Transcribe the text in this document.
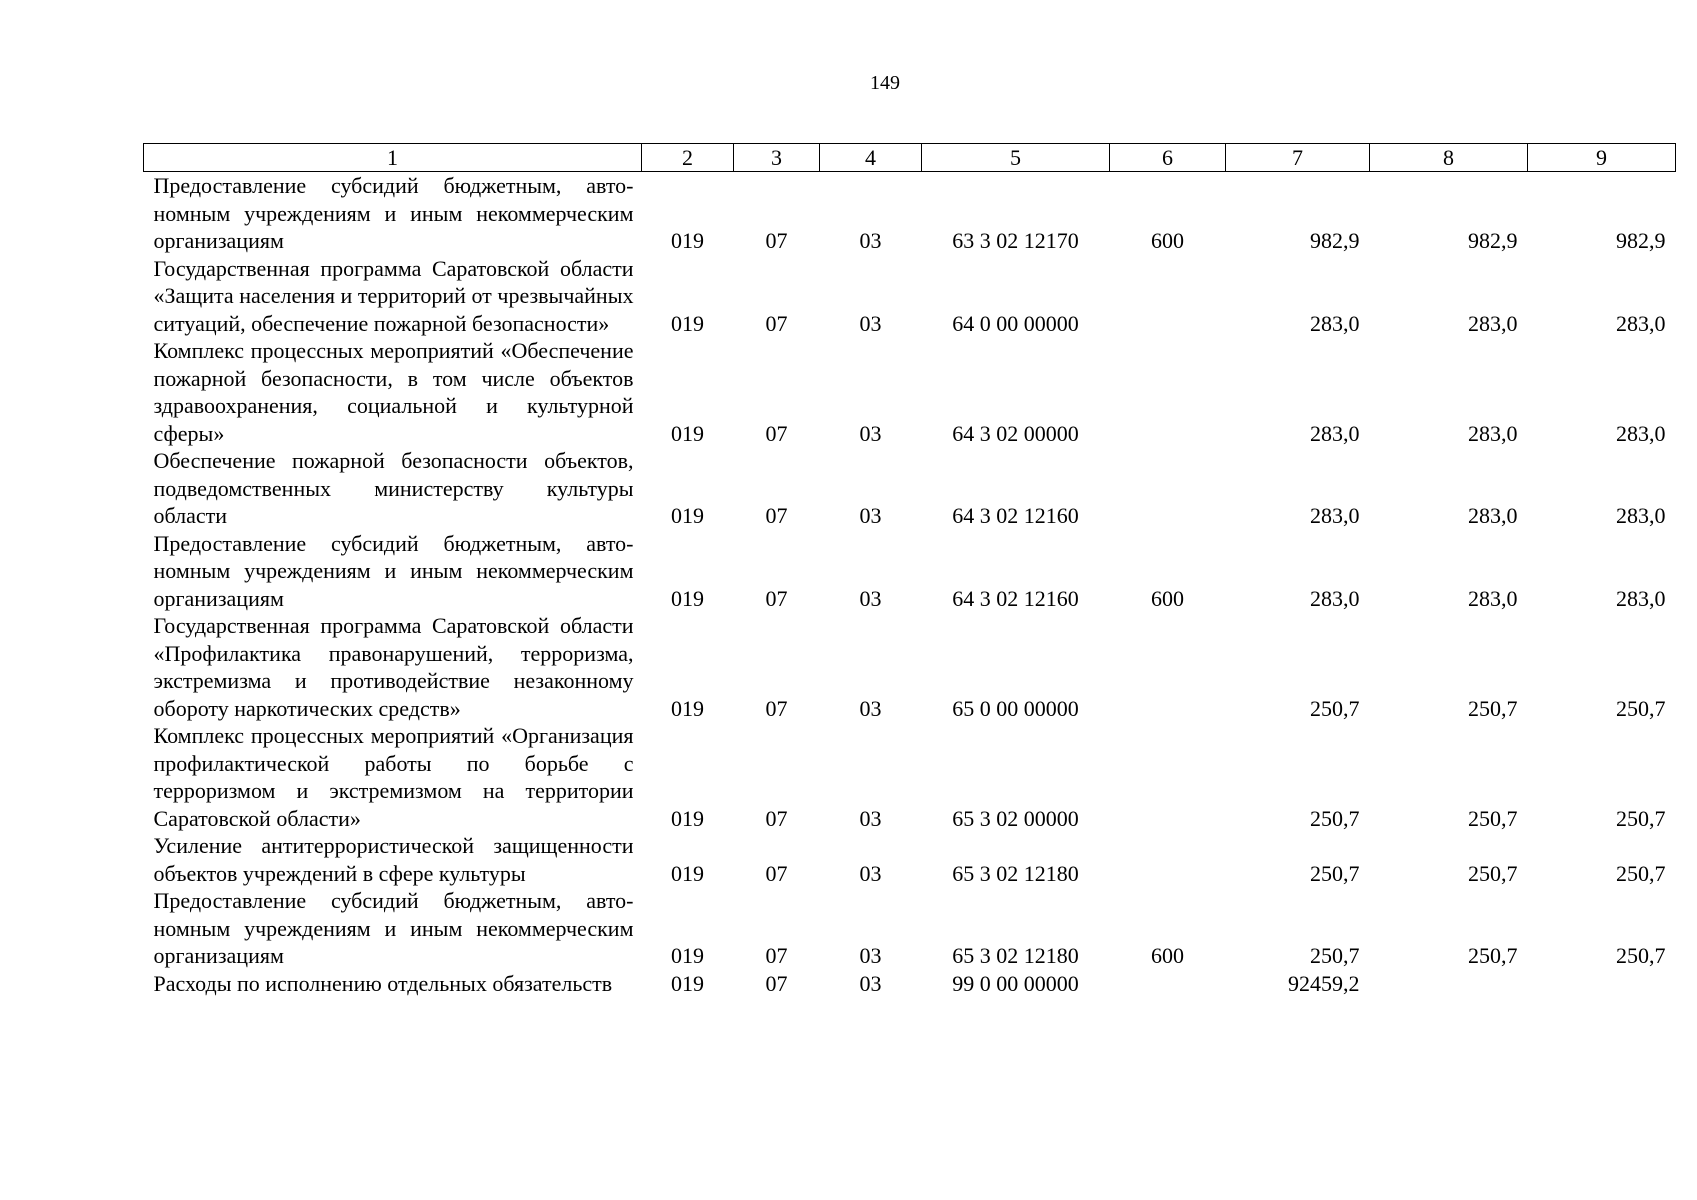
149
1	2	3	4	5	6	7	8	9
Предоставление субсидий бюджетным, автономным учреждениям и иным некоммерческим организациям	019	07	03	63 3 02 12170	600	982,9	982,9	982,9
Государственная программа Саратовской области «Защита населения и территорий от чрезвычайных ситуаций, обеспечение пожарной безопасности»	019	07	03	64 0 00 00000		283,0	283,0	283,0
Комплекс процессных мероприятий «Обеспечение пожарной безопасности, в том числе объектов здравоохранения, социальной и культурной сферы»	019	07	03	64 3 02 00000		283,0	283,0	283,0
Обеспечение пожарной безопасности объектов, подведомственных министерству культуры области	019	07	03	64 3 02 12160		283,0	283,0	283,0
Предоставление субсидий бюджетным, автономным учреждениям и иным некоммерческим организациям	019	07	03	64 3 02 12160	600	283,0	283,0	283,0
Государственная программа Саратовской области «Профилактика правонарушений, терроризма, экстремизма и противодействие незаконному обороту наркотических средств»	019	07	03	65 0 00 00000		250,7	250,7	250,7
Комплекс процессных мероприятий «Организация профилактической работы по борьбе с терроризмом и экстремизмом на территории Саратовской области»	019	07	03	65 3 02 00000		250,7	250,7	250,7
Усиление антитеррористической защищенности объектов учреждений в сфере культуры	019	07	03	65 3 02 12180		250,7	250,7	250,7
Предоставление субсидий бюджетным, автономным учреждениям и иным некоммерческим организациям	019	07	03	65 3 02 12180	600	250,7	250,7	250,7
Расходы по исполнению отдельных обязательств	019	07	03	99 0 00 00000		92459,2		
